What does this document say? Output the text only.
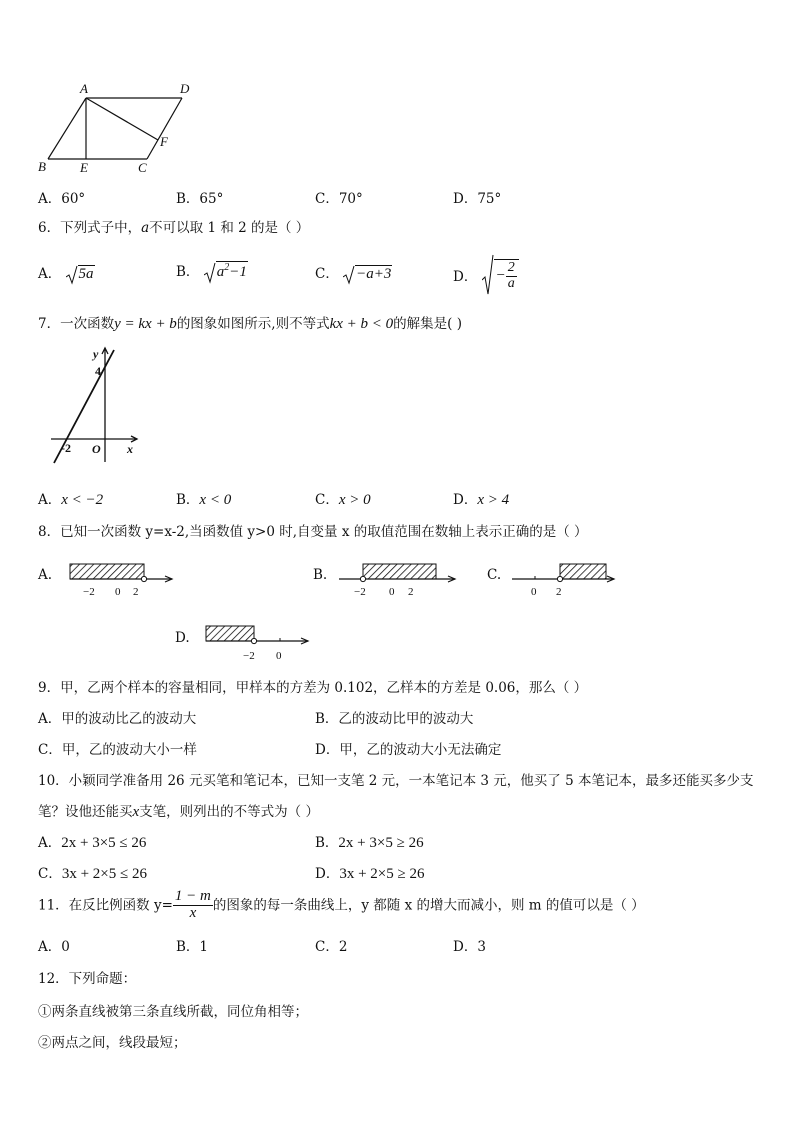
A	D
B	E	C
F
A．60°	B．65°	C．70°	D．75°
6．下列式子中，a不可以取 1 和 2 的是（ ）
A． 5a	B． $a^2-1$	C． −a+3	D． − $\frac{2}{a}$
7．一次函数y = kx + b的图象如图所示,则不等式kx + b < 0的解集是( )
y
4
-2 O x
A．x < −2	B．x < 0	C．x > 0	D．x > 4
8．已知一次函数 y=x-2,当函数值 y>0 时,自变量 x 的取值范围在数轴上表示正确的是（ ）
A.
−2 0 2
B.
−2 0 2
C.
0 2
D.
−2 0
9．甲，乙两个样本的容量相同，甲样本的方差为 0.102，乙样本的方差是 0.06，那么（ ）
A．甲的波动比乙的波动大	B．乙的波动比甲的波动大
C．甲，乙的波动大小一样	D．甲，乙的波动大小无法确定
10．小颖同学准备用 26 元买笔和笔记本，已知一支笔 2 元，一本笔记本 3 元，他买了 5 本笔记本，最多还能买多少支
笔？设他还能买x支笔，则列出的不等式为（ ）
A．2x + 3×5 ≤ 26	B．2x + 3×5 ≥ 26
C．3x + 2×5 ≤ 26	D．3x + 2×5 ≥ 26
11．在反比例函数 $y= \frac{1 - m}{x}$ 的图象的每一条曲线上，y 都随 x 的增大而减小，则 m 的值可以是（ ）
A．0	B．1	C．2	D．3
12．下列命题：
①两条直线被第三条直线所截，同位角相等；
②两点之间，线段最短；
